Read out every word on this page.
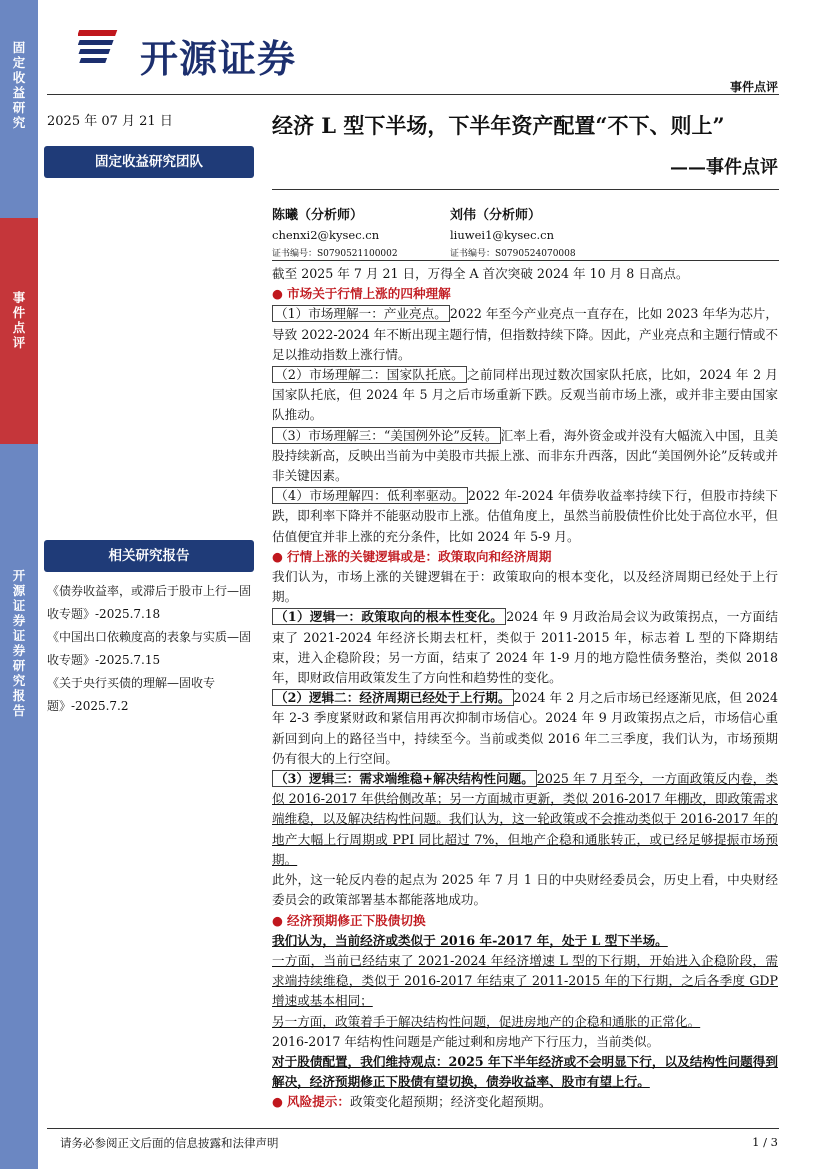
固定收益研究
事件点评
开源证券 证券研究报告
开源证券
事件点评
2025 年 07 月 21 日
固定收益研究团队
经济 L 型下半场，下半年资产配置“不下、则上”
——事件点评
陈曦（分析师）
chenxi2@kysec.cn
证书编号：S0790521100002
刘伟（分析师）
liuwei1@kysec.cn
证书编号：S0790524070008
相关研究报告
《债券收益率，或滞后于股市上行—固收专题》-2025.7.18
《中国出口依赖度高的表象与实质—固收专题》-2025.7.15
《关于央行买债的理解—固收专题》-2025.7.2

截至 2025 年 7 月 21 日，万得全 A 首次突破 2024 年 10 月 8 日高点。

● 市场关于行情上涨的四种理解

（1）市场理解一：产业亮点。 2022 年至今产业亮点一直存在，比如 2023 年华为芯片，导致 2022-2024 年不断出现主题行情，但指数持续下降。因此，产业亮点和主题行情或不足以推动指数上涨行情。

（2）市场理解二：国家队托底。 之前同样出现过数次国家队托底，比如，2024 年 2 月国家队托底，但 2024 年 5 月之后市场重新下跌。反观当前市场上涨，或并非主要由国家队推动。

（3）市场理解三：“美国例外论”反转。 汇率上看，海外资金或并没有大幅流入中国，且美股持续新高，反映出当前为中美股市共振上涨、而非东升西落，因此“美国例外论”反转或并非关键因素。

（4）市场理解四：低利率驱动。 2022 年-2024 年债券收益率持续下行，但股市持续下跌，即利率下降并不能驱动股市上涨。估值角度上，虽然当前股债性价比处于高位水平，但估值便宜并非上涨的充分条件，比如 2024 年 5-9 月。

● 行情上涨的关键逻辑或是：政策取向和经济周期

我们认为，市场上涨的关键逻辑在于：政策取向的根本变化，以及经济周期已经处于上行期。

（1）逻辑一：政策取向的根本性变化。 2024 年 9 月政治局会议为政策拐点，一方面结束了 2021-2024 年经济长期去杠杆，类似于 2011-2015 年，标志着 L 型的下降期结束，进入企稳阶段；另一方面，结束了 2024 年 1-9 月的地方隐性债务整治，类似 2018 年，即财政信用政策发生了方向性和趋势性的变化。

（2）逻辑二：经济周期已经处于上行期。 2024 年 2 月之后市场已经逐渐见底，但 2024 年 2-3 季度紧财政和紧信用再次抑制市场信心。2024 年 9 月政策拐点之后，市场信心重新回到向上的路径当中，持续至今。当前或类似 2016 年二三季度，我们认为，市场预期仍有很大的上行空间。

（3）逻辑三：需求端维稳+解决结构性问题。 2025 年 7 月至今，一方面政策反内卷，类似 2016-2017 年供给侧改革；另一方面城市更新，类似 2016-2017 年棚改，即政策需求端维稳，以及解决结构性问题。我们认为，这一轮政策或不会推动类似于 2016-2017 年的地产大幅上行周期或 PPI 同比超过 7%，但地产企稳和通胀转正，或已经足够提振市场预期。

此外，这一轮反内卷的起点为 2025 年 7 月 1 日的中央财经委员会，历史上看，中央财经委员会的政策部署基本都能落地成功。

● 经济预期修正下股债切换

我们认为，当前经济或类似于 2016 年-2017 年，处于 L 型下半场。

一方面，当前已经结束了 2021-2024 年经济增速 L 型的下行期，开始进入企稳阶段，需求端持续维稳，类似于 2016-2017 年结束了 2011-2015 年的下行期，之后各季度 GDP 增速或基本相同；

另一方面，政策着手于解决结构性问题，促进房地产的企稳和通胀的正常化。

2016-2017 年结构性问题是产能过剩和房地产下行压力，当前类似。

对于股债配置，我们维持观点：2025 年下半年经济或不会明显下行，以及结构性问题得到解决，经济预期修正下股债有望切换，债券收益率、股市有望上行。

● 风险提示：政策变化超预期；经济变化超预期。

请务必参阅正文后面的信息披露和法律声明	1 / 3
